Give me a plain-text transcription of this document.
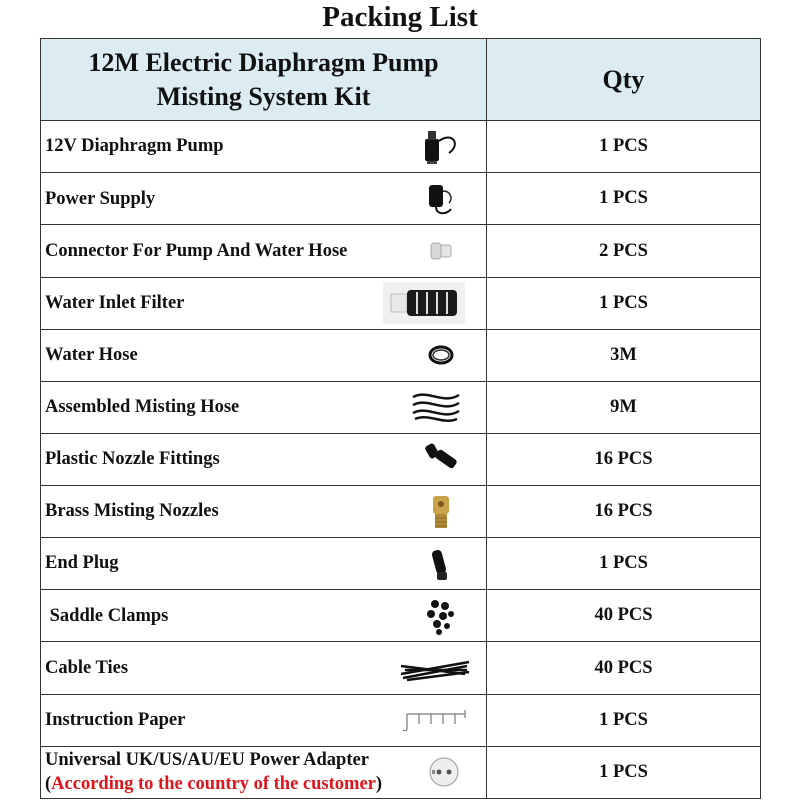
Packing List
12M Electric Diaphragm Pump
Misting System Kit	Qty
12V Diaphragm Pump	1 PCS
Power Supply	1 PCS
Connector For Pump And Water Hose	2 PCS
Water Inlet Filter	1 PCS
Water Hose	3M
Assembled Misting Hose	9M
Plastic Nozzle Fittings	16 PCS
Brass Misting Nozzles	16 PCS
End Plug	1 PCS
Saddle Clamps	40 PCS
Cable Ties	40 PCS
Instruction Paper	1 PCS
Universal UK/US/AU/EU Power Adapter
(According to the country of the customer)	1 PCS
